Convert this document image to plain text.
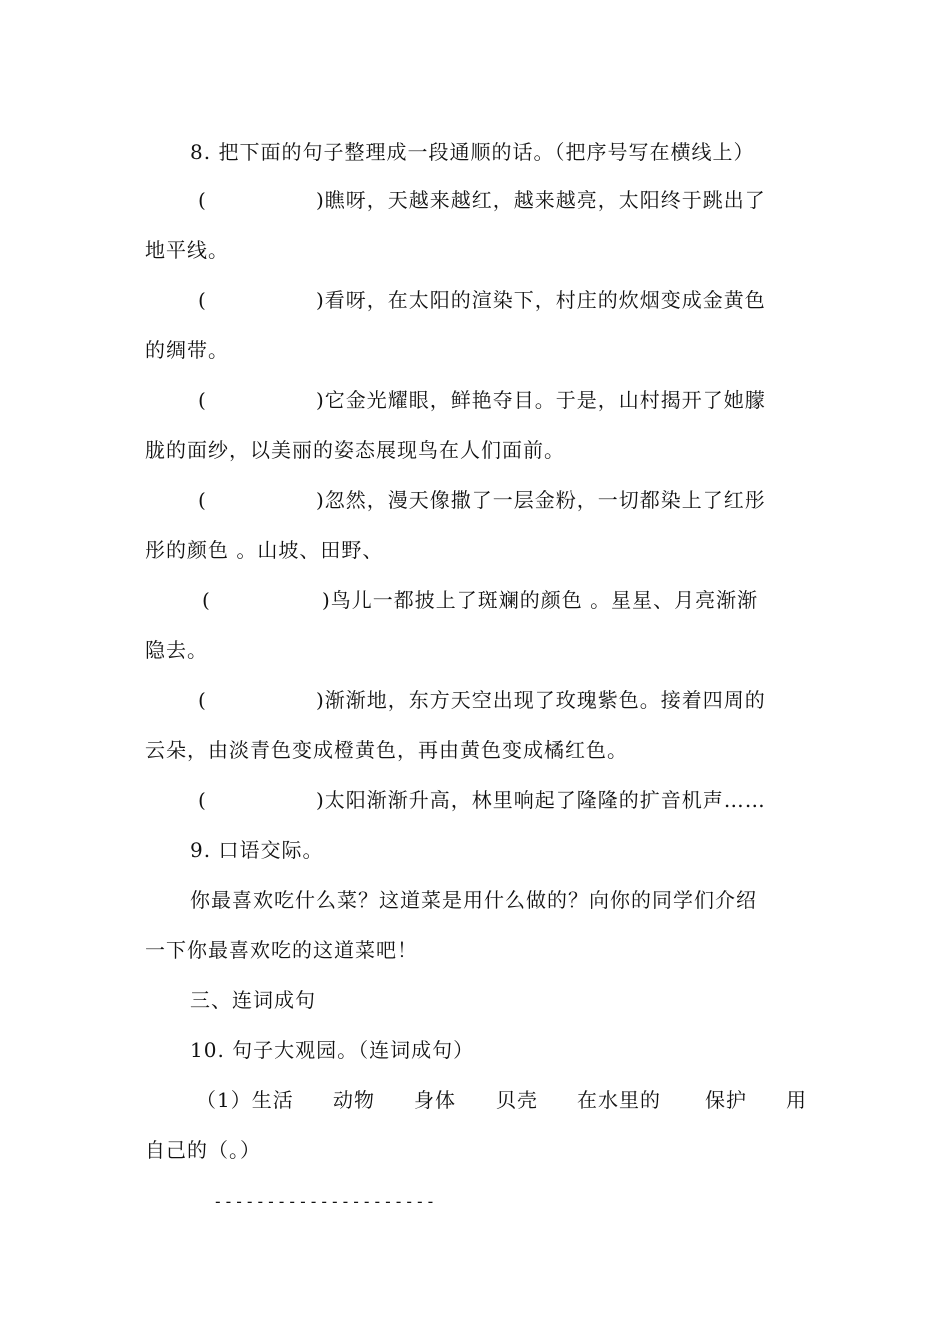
8. 把下面的句子整理成一段通顺的话。（把序号写在横线上）
(	)瞧呀，天越来越红，越来越亮，太阳终于跳出了
地平线。
(	)看呀，在太阳的渲染下，村庄的炊烟变成金黄色
的绸带。
(	)它金光耀眼，鲜艳夺目。于是，山村揭开了她朦
胧的面纱，以美丽的姿态展现鸟在人们面前。
(	)忽然，漫天像撒了一层金粉，一切都染上了红彤
彤的颜色 。山坡、田野、
(	)鸟儿一都披上了斑斓的颜色 。星星、月亮渐渐
隐去。
(	)渐渐地，东方天空出现了玫瑰紫色。接着四周的
云朵，由淡青色变成橙黄色，再由黄色变成橘红色。
(	)太阳渐渐升高，林里响起了隆隆的扩音机声……
9. 口语交际。
你最喜欢吃什么菜？这道菜是用什么做的？向你的同学们介绍
一下你最喜欢吃的这道菜吧！
三、连词成句
10. 句子大观园。（连词成句）
（1）生活 动物 身体 贝壳 在水里的 保护 用
自己的（。）
---------------------
